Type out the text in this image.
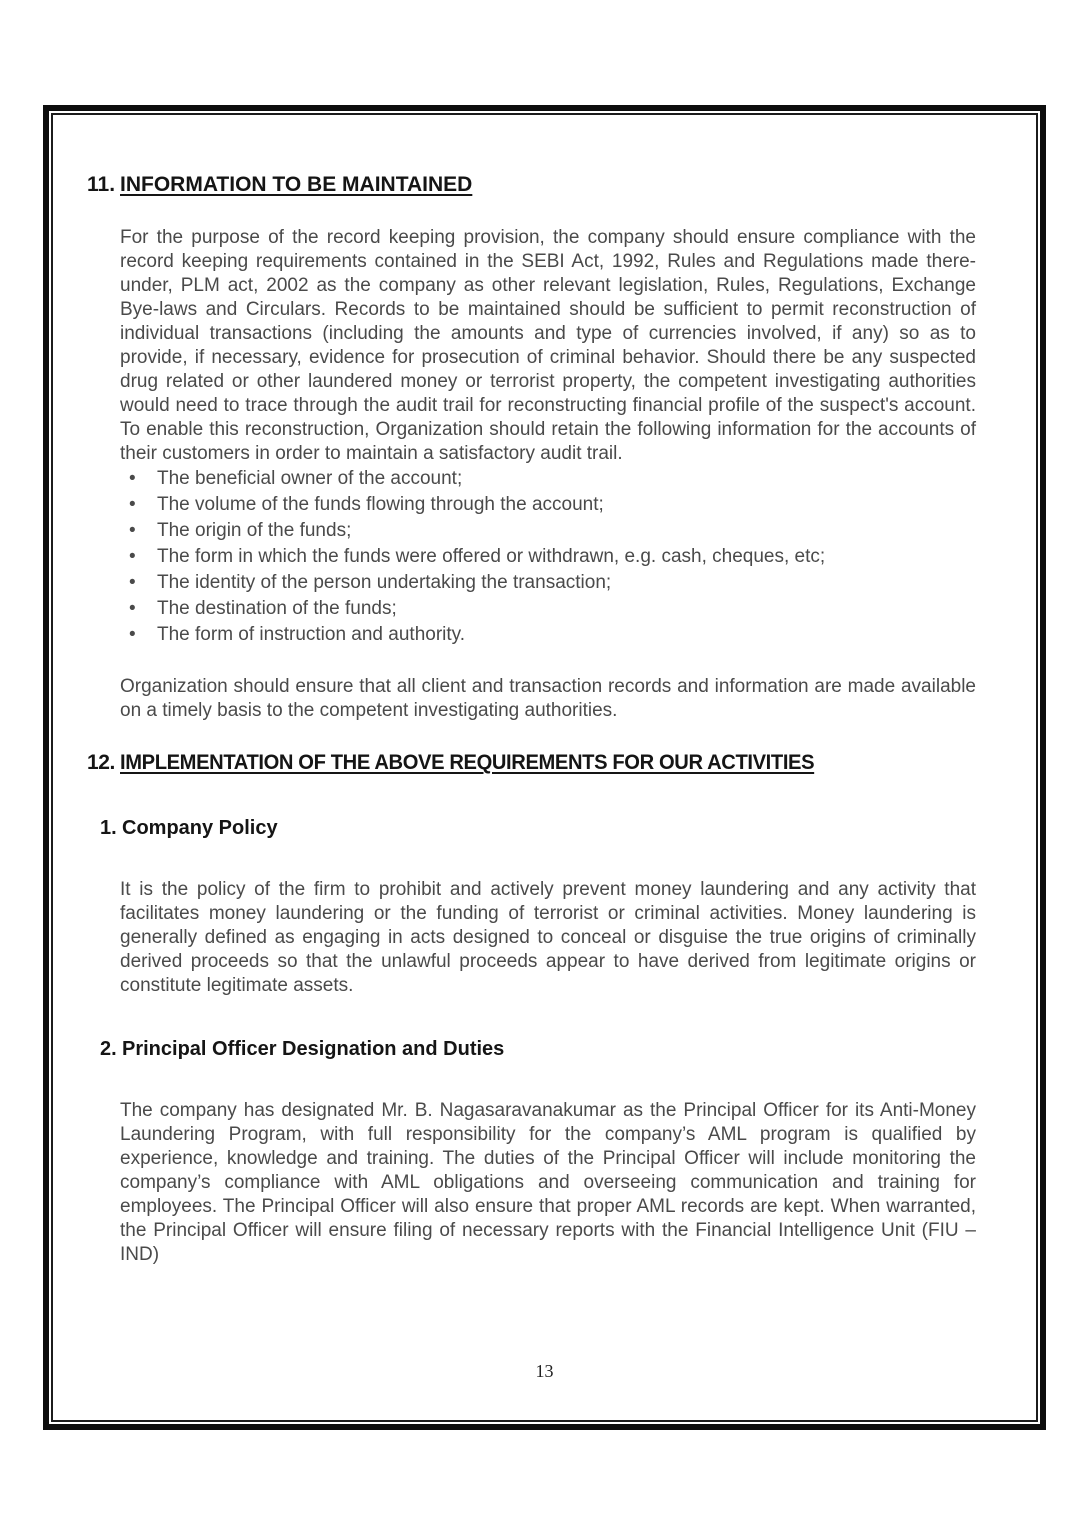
11. INFORMATION TO BE MAINTAINED

For the purpose of the record keeping provision, the company should ensure compliance with the record keeping requirements contained in the SEBI Act, 1992, Rules and Regulations made there-under, PLM act, 2002 as the company as other relevant legislation, Rules, Regulations, Exchange Bye-laws and Circulars. Records to be maintained should be sufficient to permit reconstruction of individual transactions (including the amounts and type of currencies involved, if any) so as to provide, if necessary, evidence for prosecution of criminal behavior. Should there be any suspected drug related or other laundered money or terrorist property, the competent investigating authorities would need to trace through the audit trail for reconstructing financial profile of the suspect's account. To enable this reconstruction, Organization should retain the following information for the accounts of their customers in order to maintain a satisfactory audit trail.

• The beneficial owner of the account;
• The volume of the funds flowing through the account;
• The origin of the funds;
• The form in which the funds were offered or withdrawn, e.g. cash, cheques, etc;
• The identity of the person undertaking the transaction;
• The destination of the funds;
• The form of instruction and authority.

Organization should ensure that all client and transaction records and information are made available on a timely basis to the competent investigating authorities.

12. IMPLEMENTATION OF THE ABOVE REQUIREMENTS FOR OUR ACTIVITIES
1. Company Policy

It is the policy of the firm to prohibit and actively prevent money laundering and any activity that facilitates money laundering or the funding of terrorist or criminal activities. Money laundering is generally defined as engaging in acts designed to conceal or disguise the true origins of criminally derived proceeds so that the unlawful proceeds appear to have derived from legitimate origins or constitute legitimate assets.

2. Principal Officer Designation and Duties

The company has designated Mr. B. Nagasaravanakumar as the Principal Officer for its Anti-Money Laundering Program, with full responsibility for the company’s AML program is qualified by experience, knowledge and training. The duties of the Principal Officer will include monitoring the company’s compliance with AML obligations and overseeing communication and training for employees. The Principal Officer will also ensure that proper AML records are kept. When warranted, the Principal Officer will ensure filing of necessary reports with the Financial Intelligence Unit (FIU – IND)

13
